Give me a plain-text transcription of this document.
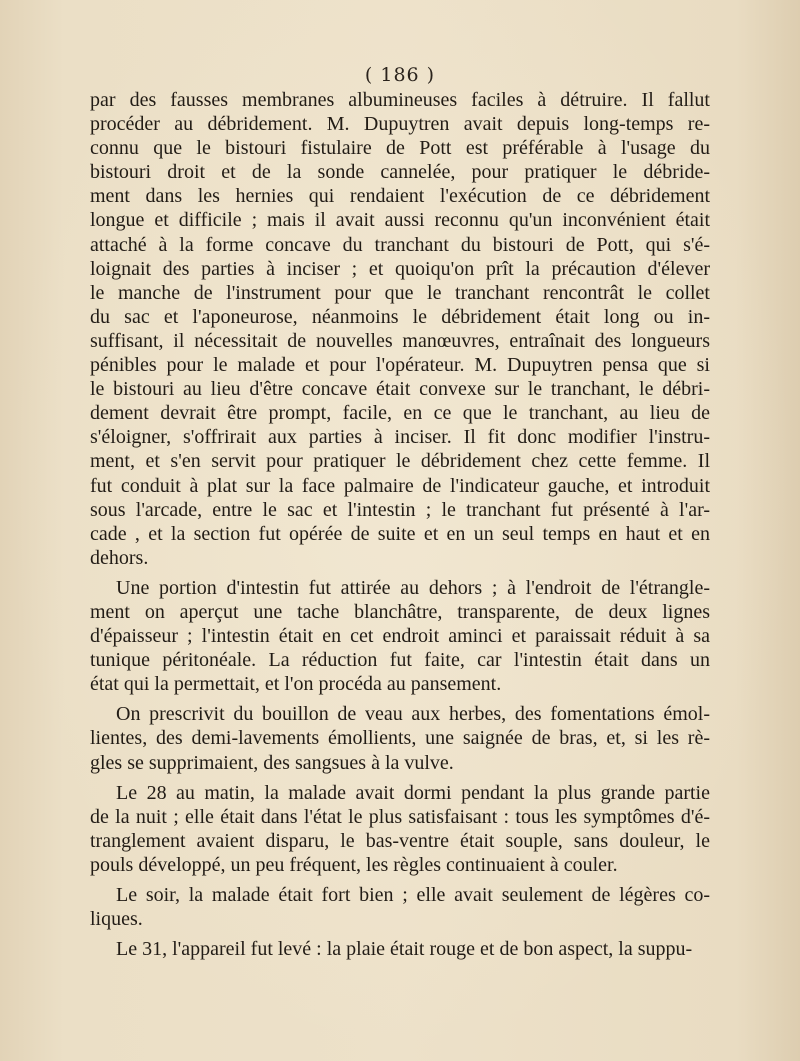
( 186 )

par des fausses membranes albumineuses faciles à détruire. Il fallut
procéder au débridement. M. Dupuytren avait depuis long-temps re-
connu que le bistouri fistulaire de Pott est préférable à l'usage du
bistouri droit et de la sonde cannelée, pour pratiquer le débride-
ment dans les hernies qui rendaient l'exécution de ce débridement
longue et difficile ; mais il avait aussi reconnu qu'un inconvénient était
attaché à la forme concave du tranchant du bistouri de Pott, qui s'é-
loignait des parties à inciser ; et quoiqu'on prît la précaution d'élever
le manche de l'instrument pour que le tranchant rencontrât le collet
du sac et l'aponeurose, néanmoins le débridement était long ou in-
suffisant, il nécessitait de nouvelles manœuvres, entraînait des longueurs
pénibles pour le malade et pour l'opérateur. M. Dupuytren pensa que si
le bistouri au lieu d'être concave était convexe sur le tranchant, le débri-
dement devrait être prompt, facile, en ce que le tranchant, au lieu de
s'éloigner, s'offrirait aux parties à inciser. Il fit donc modifier l'instru-
ment, et s'en servit pour pratiquer le débridement chez cette femme. Il
fut conduit à plat sur la face palmaire de l'indicateur gauche, et introduit
sous l'arcade, entre le sac et l'intestin ; le tranchant fut présenté à l'ar-
cade , et la section fut opérée de suite et en un seul temps en haut et en
dehors.

Une portion d'intestin fut attirée au dehors ; à l'endroit de l'étrangle-
ment on aperçut une tache blanchâtre, transparente, de deux lignes
d'épaisseur ; l'intestin était en cet endroit aminci et paraissait réduit à sa
tunique péritonéale. La réduction fut faite, car l'intestin était dans un
état qui la permettait, et l'on procéda au pansement.

On prescrivit du bouillon de veau aux herbes, des fomentations émol-
lientes, des demi-lavements émollients, une saignée de bras, et, si les rè-
gles se supprimaient, des sangsues à la vulve.

Le 28 au matin, la malade avait dormi pendant la plus grande partie
de la nuit ; elle était dans l'état le plus satisfaisant : tous les symptômes d'é-
tranglement avaient disparu, le bas-ventre était souple, sans douleur, le
pouls développé, un peu fréquent, les règles continuaient à couler.

Le soir, la malade était fort bien ; elle avait seulement de légères co-
liques.

Le 31, l'appareil fut levé : la plaie était rouge et de bon aspect, la suppu-
